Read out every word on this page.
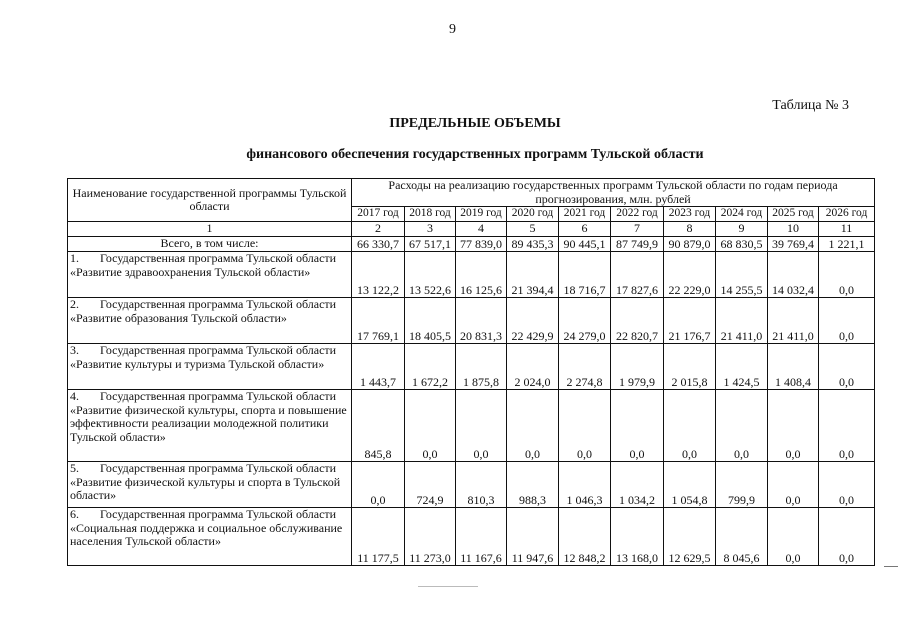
9
Таблица № 3
ПРЕДЕЛЬНЫЕ ОБЪЕМЫ
финансового обеспечения государственных программ Тульской области
Наименование государственной программы Тульской области	Расходы на реализацию государственных программ Тульской области по годам периода прогнозирования, млн. рублей									
	2017 год	2018 год	2019 год	2020 год	2021 год	2022 год	2023 год	2024 год	2025 год	2026 год
1	2	3	4	5	6	7	8	9	10	11
Всего, в том числе:	66 330,7	67 517,1	77 839,0	89 435,3	90 445,1	87 749,9	90 879,0	68 830,5	39 769,4	1 221,1
1. Государственная программа Тульской области «Развитие здравоохранения Тульской области»	13 122,2	13 522,6	16 125,6	21 394,4	18 716,7	17 827,6	22 229,0	14 255,5	14 032,4	0,0
2. Государственная программа Тульской области «Развитие образования Тульской области»	17 769,1	18 405,5	20 831,3	22 429,9	24 279,0	22 820,7	21 176,7	21 411,0	21 411,0	0,0
3. Государственная программа Тульской области «Развитие культуры и туризма Тульской области»	1 443,7	1 672,2	1 875,8	2 024,0	2 274,8	1 979,9	2 015,8	1 424,5	1 408,4	0,0
4. Государственная программа Тульской области «Развитие физической культуры, спорта и повышение эффективности реализации молодежной политики Тульской области»	845,8	0,0	0,0	0,0	0,0	0,0	0,0	0,0	0,0	0,0
5. Государственная программа Тульской области «Развитие физической культуры и спорта в Тульской области»	0,0	724,9	810,3	988,3	1 046,3	1 034,2	1 054,8	799,9	0,0	0,0
6. Государственная программа Тульской области «Социальная поддержка и социальное обслуживание населения Тульской области»	11 177,5	11 273,0	11 167,6	11 947,6	12 848,2	13 168,0	12 629,5	8 045,6	0,0	0,0
